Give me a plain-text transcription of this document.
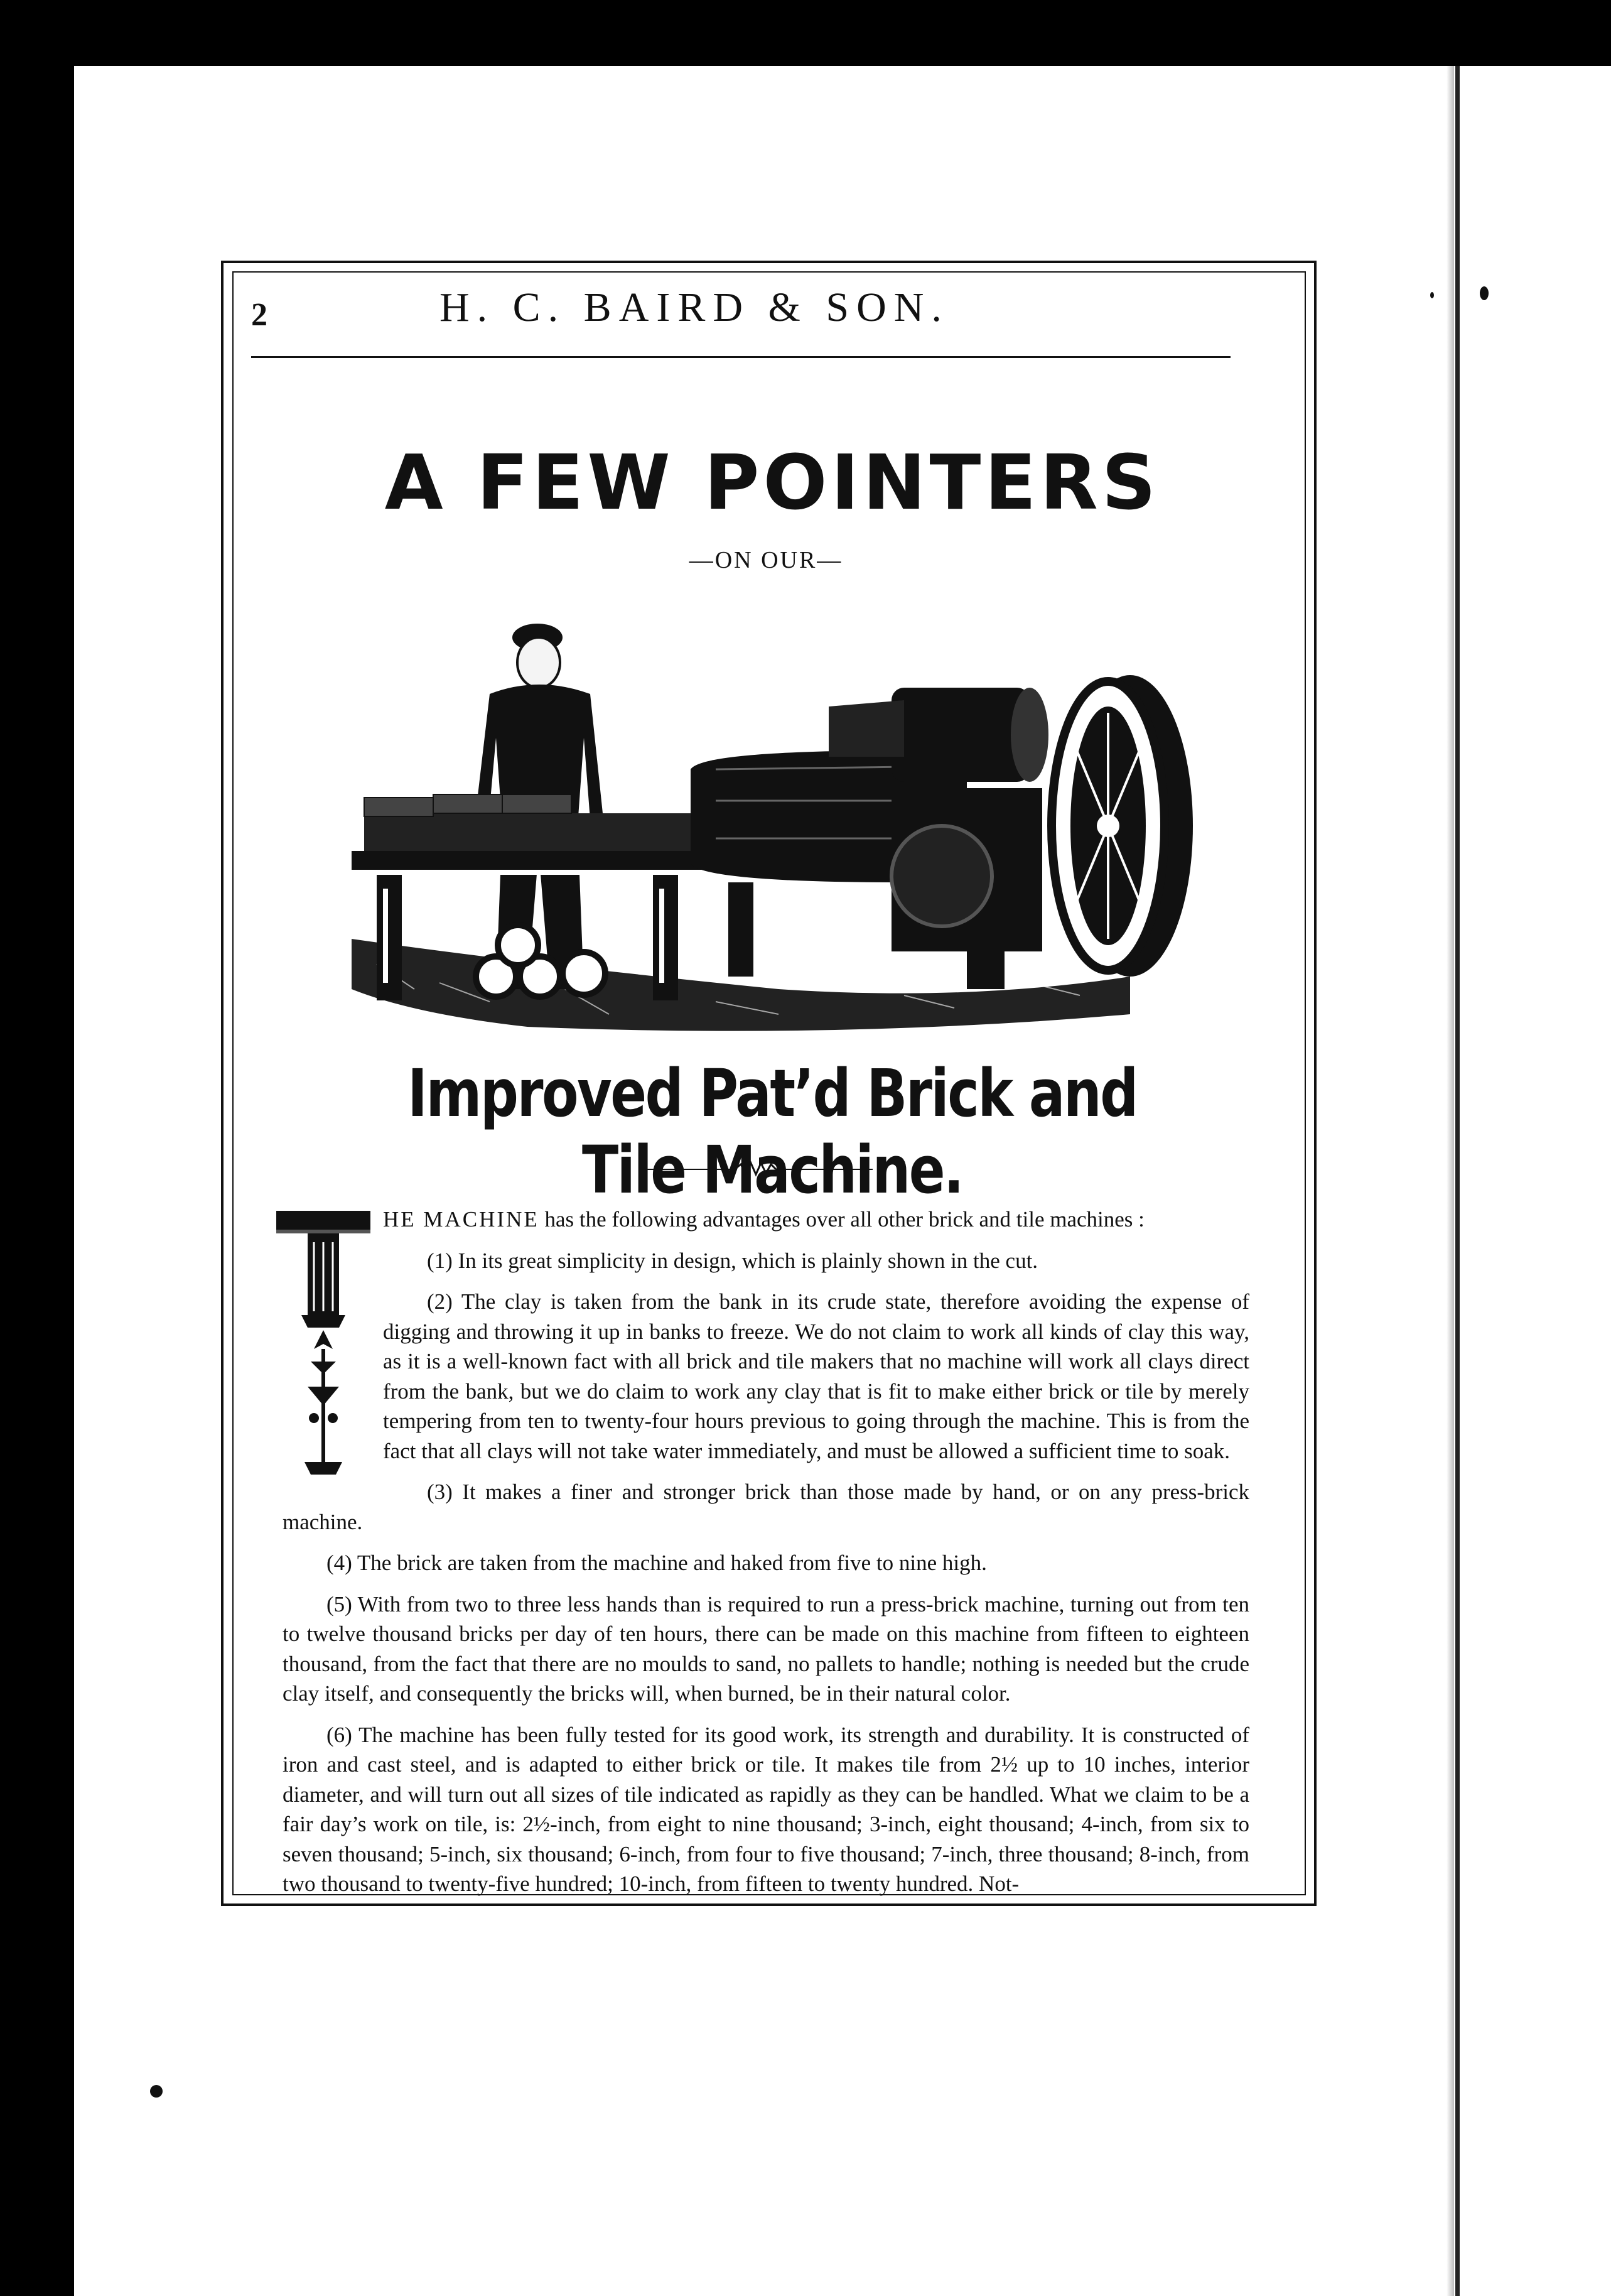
2	H. C. BAIRD & SON.
A FEW POINTERS
—ON OUR—
Improved Pat’d Brick and Tile Machine.

HE MACHINE has the following advantages over all other brick and tile machines :

(1) In its great simplicity in design, which is plainly shown in the cut.

(2) The clay is taken from the bank in its crude state, therefore avoiding the expense of digging and throwing it up in banks to freeze. We do not claim to work all kinds of clay this way, as it is a well-known fact with all brick and tile makers that no machine will work all clays direct from the bank, but we do claim to work any clay that is fit to make either brick or tile by merely tempering from ten to twenty-four hours previous to going through the machine. This is from the fact that all clays will not take water immediately, and must be allowed a sufficient time to soak.

(3) It makes a finer and stronger brick than those made by hand, or on any press-brick machine.

(4) The brick are taken from the machine and haked from five to nine high.

(5) With from two to three less hands than is required to run a press-brick machine, turning out from ten to twelve thousand bricks per day of ten hours, there can be made on this machine from fifteen to eighteen thousand, from the fact that there are no moulds to sand, no pallets to handle; nothing is needed but the crude clay itself, and consequently the bricks will, when burned, be in their natural color.

(6) The machine has been fully tested for its good work, its strength and durability. It is constructed of iron and cast steel, and is adapted to either brick or tile. It makes tile from 2½ up to 10 inches, interior diameter, and will turn out all sizes of tile indicated as rapidly as they can be handled. What we claim to be a fair day’s work on tile, is: 2½-inch, from eight to nine thousand; 3-inch, eight thousand; 4-inch, from six to seven thousand; 5-inch, six thousand; 6-inch, from four to five thousand; 7-inch, three thousand; 8-inch, from two thousand to twenty-five hundred; 10-inch, from fifteen to twenty hundred. Not-
